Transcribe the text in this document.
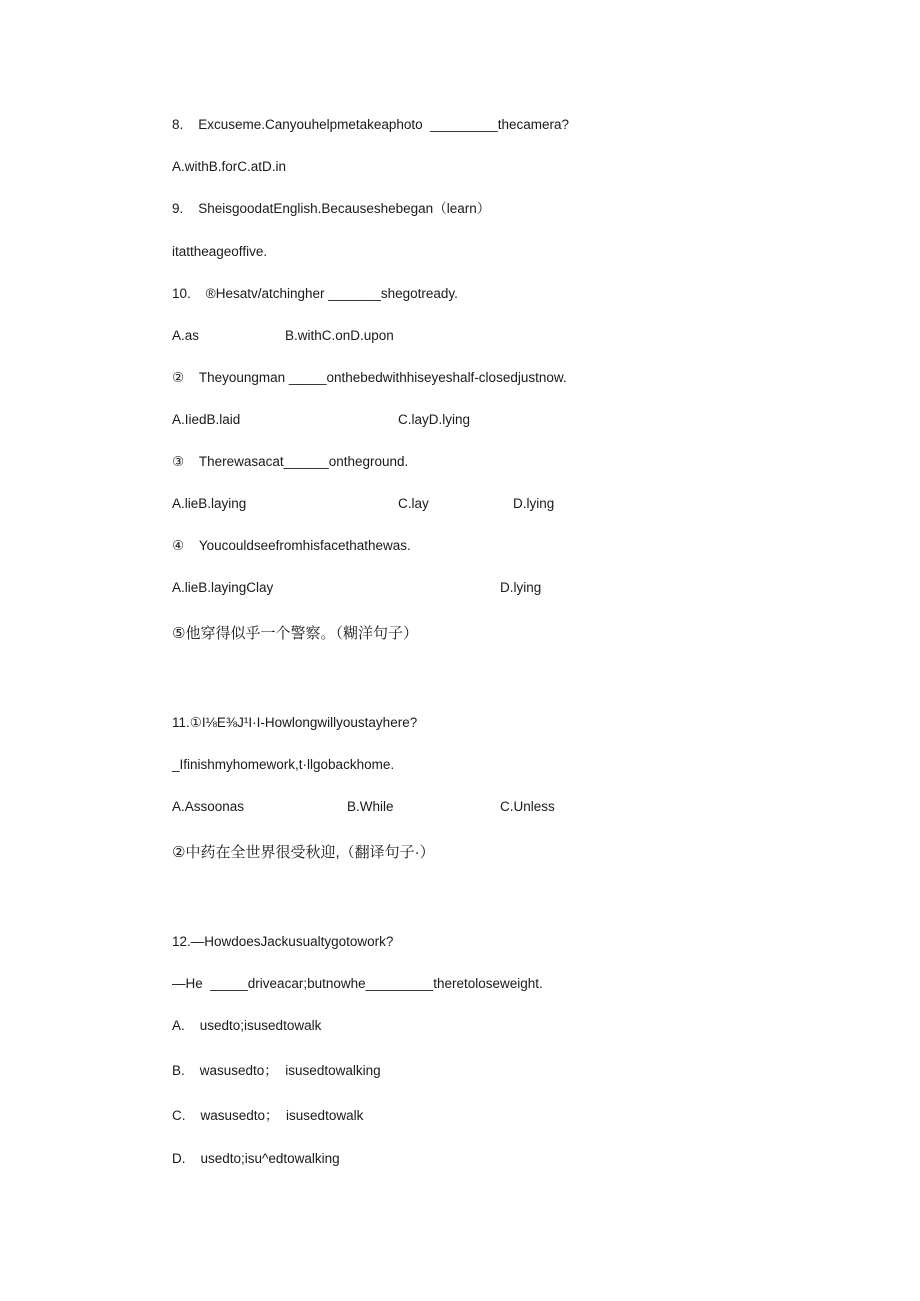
8.    Excuseme.Canyouhelpmetakeaphoto  _________thecamera?
A.withB.forC.atD.in
9.    SheisgoodatEnglish.Becauseshebegan（learn）
itattheageoffive.
10.    ®Hesatv/atchingher _______shegotready.
A.as	B.withC.onD.upon
②    Theyoungman _____onthebedwithhiseyeshalf-closedjustnow.
A.IiedB.laid	C.layD.lying
③    Therewasacat______ontheground.
A.lieB.laying	C.lay	D.lying
④    Youcouldseefromhisfacethathewas.
A.lieB.layingClay	D.lying
⑤他穿得似乎一个警察。（糊洋句子）
11.①I⅛E⅜J¹I·I-Howlongwillyoustayhere?
_Ifinishmyhomework,t·llgobackhome.
A.Assoonas	B.While	C.Unless
②中药在全世界很受秋迎,（翻译句子·）
12.—HowdoesJackusualtygotowork?
—He  _____driveacar;butnowhe_________theretoloseweight.
A.    usedto;isusedtowalk
B.    wasusedto；  isusedtowalking
C.    wasusedto；  isusedtowalk
D.    usedto;isu^edtowalking
